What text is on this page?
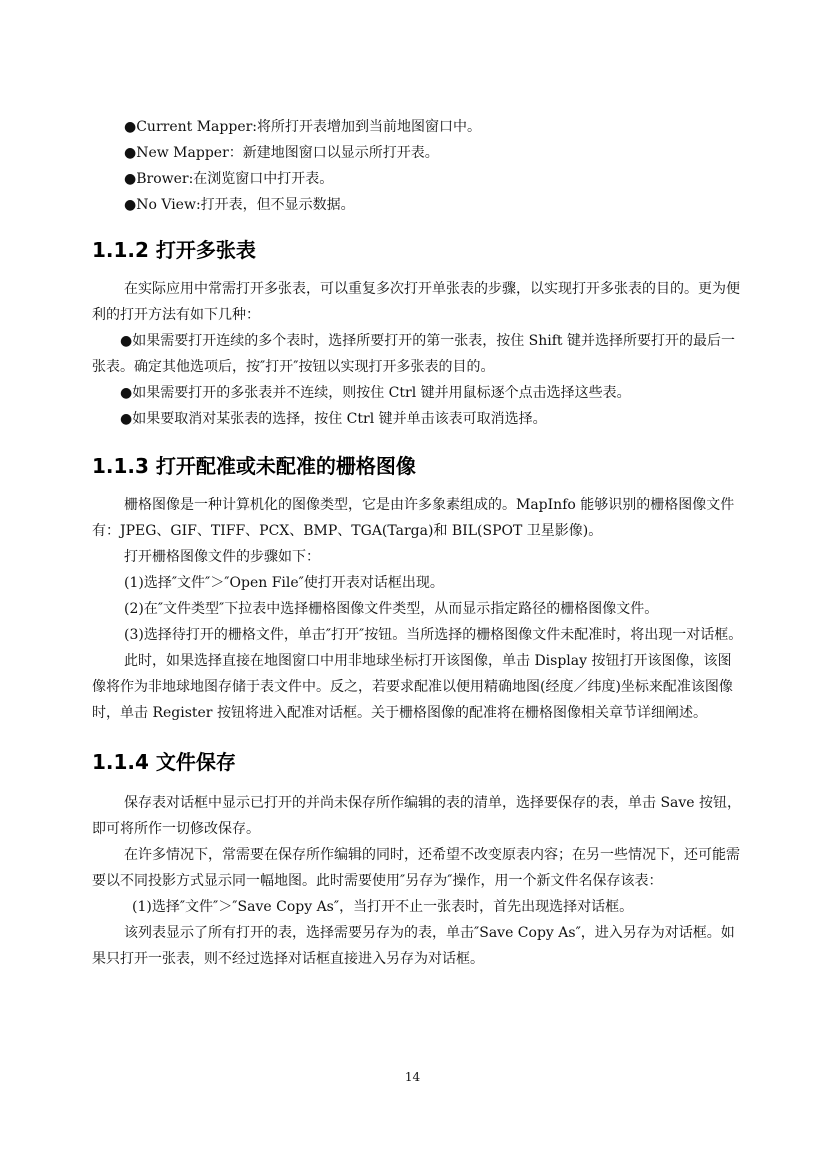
●Current Mapper:将所打开表增加到当前地图窗口中。

●New Mapper：新建地图窗口以显示所打开表。

●Brower:在浏览窗口中打开表。

●No View:打开表，但不显示数据。

1.1.2 打开多张表

在实际应用中常需打开多张表，可以重复多次打开单张表的步骤，以实现打开多张表的目的。更为便利的打开方法有如下几种：

●如果需要打开连续的多个表时，选择所要打开的第一张表，按住 Shift 键并选择所要打开的最后一张表。确定其他选项后，按″打开″按钮以实现打开多张表的目的。

●如果需要打开的多张表并不连续，则按住 Ctrl 键并用鼠标逐个点击选择这些表。

●如果要取消对某张表的选择，按住 Ctrl 键并单击该表可取消选择。

1.1.3 打开配准或未配准的栅格图像

栅格图像是一种计算机化的图像类型，它是由许多象素组成的。MapInfo 能够识别的栅格图像文件有：JPEG、GIF、TIFF、PCX、BMP、TGA(Targa)和 BIL(SPOT 卫星影像)。

打开栅格图像文件的步骤如下：

(1)选择″文件″＞″Open File″使打开表对话框出现。

(2)在″文件类型″下拉表中选择栅格图像文件类型，从而显示指定路径的栅格图像文件。

(3)选择待打开的栅格文件，单击″打开″按钮。当所选择的栅格图像文件未配准时，将出现一对话框。

此时，如果选择直接在地图窗口中用非地球坐标打开该图像，单击 Display 按钮打开该图像，该图像将作为非地球地图存储于表文件中。反之，若要求配准以便用精确地图(经度／纬度)坐标来配准该图像时，单击 Register 按钮将进入配准对话框。关于栅格图像的配准将在栅格图像相关章节详细阐述。

1.1.4 文件保存

保存表对话框中显示已打开的并尚未保存所作编辑的表的清单，选择要保存的表，单击 Save 按钮，即可将所作一切修改保存。

在许多情况下，常需要在保存所作编辑的同时，还希望不改变原表内容；在另一些情况下，还可能需要以不同投影方式显示同一幅地图。此时需要使用″另存为″操作，用一个新文件名保存该表：

(1)选择″文件″＞″Save Copy As″，当打开不止一张表时，首先出现选择对话框。

该列表显示了所有打开的表，选择需要另存为的表，单击″Save Copy As″，进入另存为对话框。如果只打开一张表，则不经过选择对话框直接进入另存为对话框。

14
